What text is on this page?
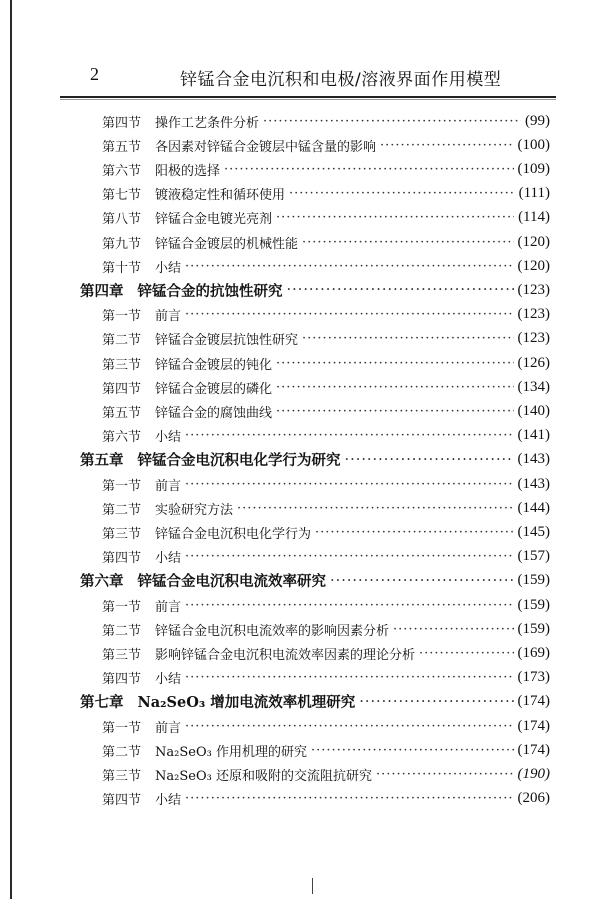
2	锌锰合金电沉积和电极/溶液界面作用模型
第四节 操作工艺条件分析 ·····	(99)
第五节 各因素对锌锰合金镀层中锰含量的影响 ·····	(100)
第六节 阳极的选择 ·····	(109)
第七节 镀液稳定性和循环使用 ·····	(111)
第八节 锌锰合金电镀光亮剂 ·····	(114)
第九节 锌锰合金镀层的机械性能 ·····	(120)
第十节 小结 ·····	(120)
第四章 锌锰合金的抗蚀性研究 ·····	(123)
第一节 前言 ·····	(123)
第二节 锌锰合金镀层抗蚀性研究 ·····	(123)
第三节 锌锰合金镀层的钝化 ·····	(126)
第四节 锌锰合金镀层的磷化 ·····	(134)
第五节 锌锰合金的腐蚀曲线 ·····	(140)
第六节 小结 ·····	(141)
第五章 锌锰合金电沉积电化学行为研究 ·····	(143)
第一节 前言 ·····	(143)
第二节 实验研究方法 ·····	(144)
第三节 锌锰合金电沉积电化学行为 ·····	(145)
第四节 小结 ·····	(157)
第六章 锌锰合金电沉积电流效率研究 ·····	(159)
第一节 前言 ·····	(159)
第二节 锌锰合金电沉积电流效率的影响因素分析 ·····	(159)
第三节 影响锌锰合金电沉积电流效率因素的理论分析 ·····	(169)
第四节 小结 ·····	(173)
第七章 Na₂SeO₃ 增加电流效率机理研究 ·····	(174)
第一节 前言 ·····	(174)
第二节 Na₂SeO₃ 作用机理的研究 ·····	(174)
第三节 Na₂SeO₃ 还原和吸附的交流阻抗研究 ·····	(190)
第四节 小结 ·····	(206)
